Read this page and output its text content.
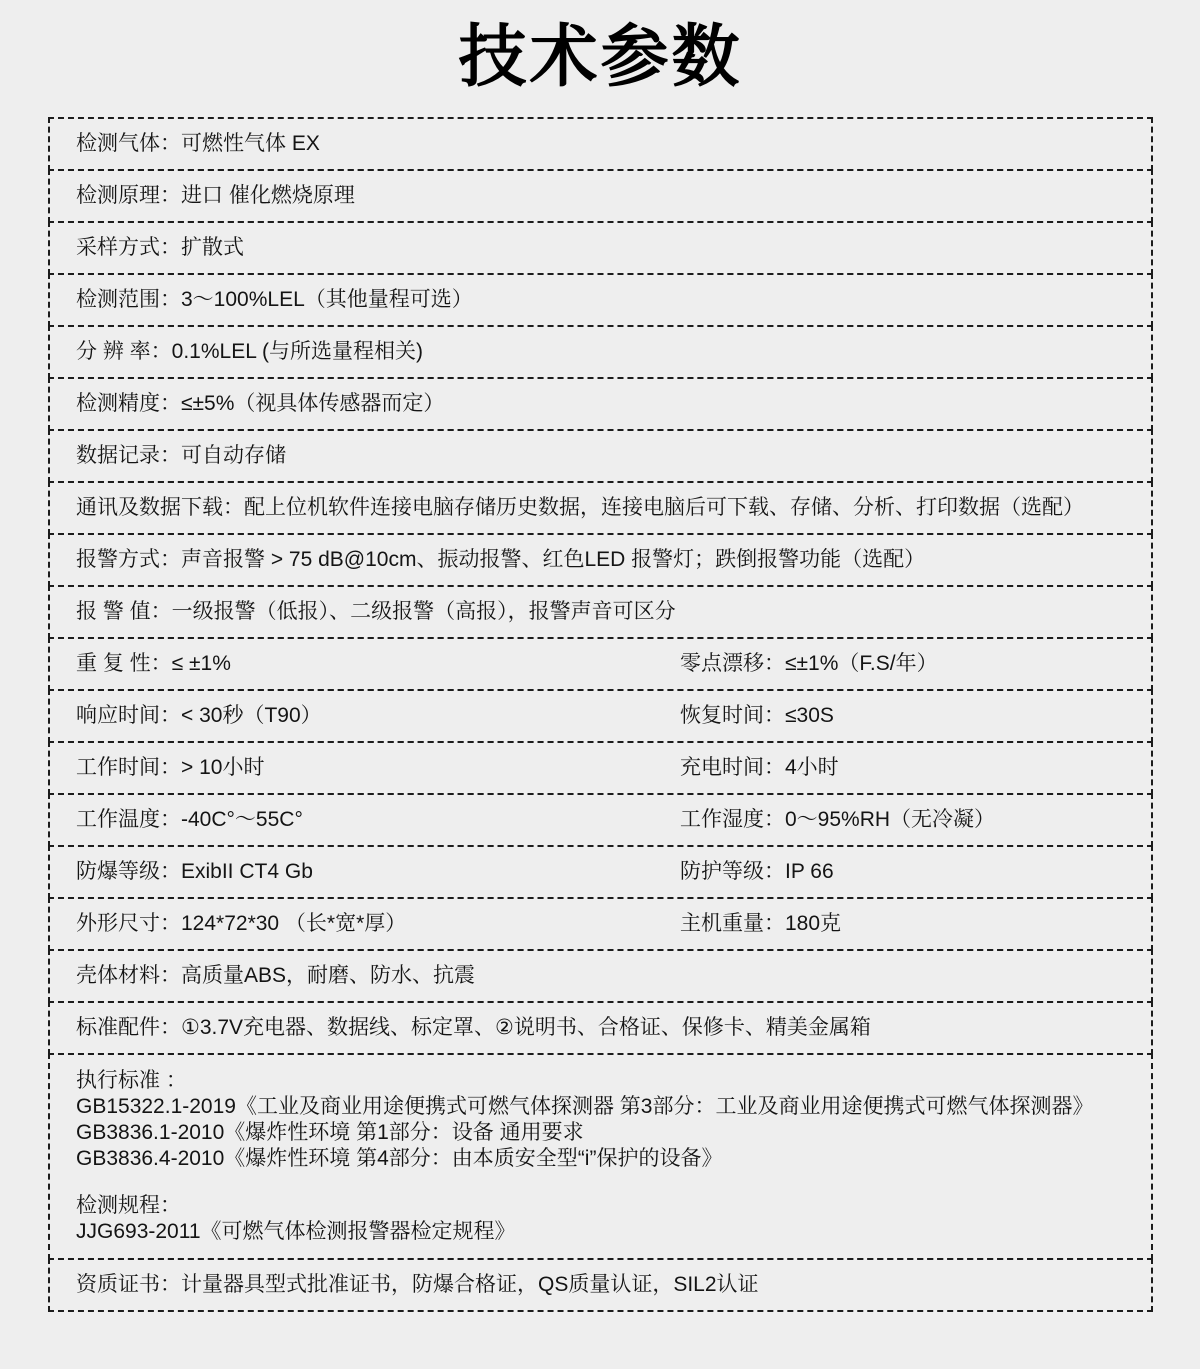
技术参数
检测气体：可燃性气体 EX
检测原理：进口 催化燃烧原理
采样方式：扩散式
检测范围：3～100%LEL（其他量程可选）
分 辨 率：0.1%LEL (与所选量程相关)
检测精度：≤±5%（视具体传感器而定）
数据记录：可自动存储
通讯及数据下载：配上位机软件连接电脑存储历史数据，连接电脑后可下载、存储、分析、打印数据（选配）
报警方式：声音报警 > 75 dB@10cm、振动报警、红色LED 报警灯；跌倒报警功能（选配）
报 警 值：一级报警（低报）、二级报警（高报），报警声音可区分
重 复 性：≤ ±1%	零点漂移：≤±1%（F.S/年）
响应时间：< 30秒（T90）	恢复时间：≤30S
工作时间：> 10小时	充电时间：4小时
工作温度：-40C°～55C°	工作湿度：0～95%RH（无冷凝）
防爆等级：ExibII CT4 Gb	防护等级：IP 66
外形尺寸：124*72*30 （长*宽*厚）	主机重量：180克
壳体材料：高质量ABS，耐磨、防水、抗震
标准配件：①3.7V充电器、数据线、标定罩、②说明书、合格证、保修卡、精美金属箱
执行标准 ：
GB15322.1-2019《工业及商业用途便携式可燃气体探测器 第3部分：工业及商业用途便携式可燃气体探测器》
GB3836.1-2010《爆炸性环境 第1部分：设备 通用要求
GB3836.4-2010《爆炸性环境 第4部分：由本质安全型“i”保护的设备》
检测规程：
JJG693-2011《可燃气体检测报警器检定规程》
资质证书：计量器具型式批准证书，防爆合格证，QS质量认证，SIL2认证
